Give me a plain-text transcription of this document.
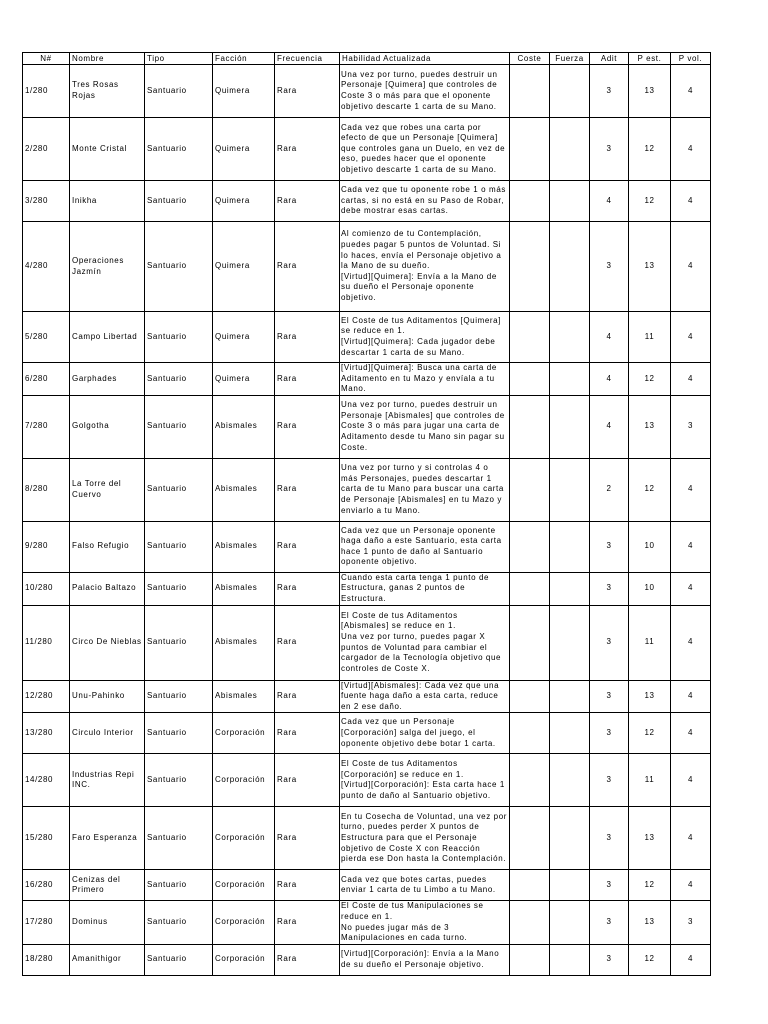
N#	Nombre	Tipo	Facción	Frecuencia	Habilidad Actualizada	Coste	Fuerza	Adit	P est.	P vol.
1/280	Tres Rosas Rojas	Santuario	Quimera	Rara	Una vez por turno, puedes destruir un Personaje [Quimera] que controles de Coste 3 o más para que el oponente objetivo descarte 1 carta de su Mano.			3	13	4
2/280	Monte Cristal	Santuario	Quimera	Rara	Cada vez que robes una carta por efecto de que un Personaje [Quimera] que controles gana un Duelo, en vez de eso, puedes hacer que el oponente objetivo descarte 1 carta de su Mano.			3	12	4
3/280	Inikha	Santuario	Quimera	Rara	Cada vez que tu oponente robe 1 o más cartas, si no está en su Paso de Robar, debe mostrar esas cartas.			4	12	4
4/280	Operaciones Jazmín	Santuario	Quimera	Rara	Al comienzo de tu Contemplación, puedes pagar 5 puntos de Voluntad. Si lo haces, envía el Personaje objetivo a la Mano de su dueño.
[Virtud][Quimera]: Envía a la Mano de su dueño el Personaje oponente objetivo.			3	13	4
5/280	Campo Libertad	Santuario	Quimera	Rara	El Coste de tus Aditamentos [Quimera] se reduce en 1.
[Virtud][Quimera]: Cada jugador debe descartar 1 carta de su Mano.			4	11	4
6/280	Garphades	Santuario	Quimera	Rara	[Virtud][Quimera]: Busca una carta de Aditamento en tu Mazo y envíala a tu Mano.			4	12	4
7/280	Golgotha	Santuario	Abismales	Rara	Una vez por turno, puedes destruir un Personaje [Abismales] que controles de Coste 3 o más para jugar una carta de Aditamento desde tu Mano sin pagar su Coste.			4	13	3
8/280	La Torre del Cuervo	Santuario	Abismales	Rara	Una vez por turno y si controlas 4 o más Personajes, puedes descartar 1 carta de tu Mano para buscar una carta de Personaje [Abismales] en tu Mazo y enviarlo a tu Mano.			2	12	4
9/280	Falso Refugio	Santuario	Abismales	Rara	Cada vez que un Personaje oponente haga daño a este Santuario, esta carta hace 1 punto de daño al Santuario oponente objetivo.			3	10	4
10/280	Palacio Baltazo	Santuario	Abismales	Rara	Cuando esta carta tenga 1 punto de Estructura, ganas 2 puntos de Estructura.			3	10	4
11/280	Circo De Nieblas	Santuario	Abismales	Rara	El Coste de tus Aditamentos [Abismales] se reduce en 1.
Una vez por turno, puedes pagar X puntos de Voluntad para cambiar el cargador de la Tecnología objetivo que controles de Coste X.			3	11	4
12/280	Unu-Pahinko	Santuario	Abismales	Rara	[Virtud][Abismales]: Cada vez que una fuente haga daño a esta carta, reduce en 2 ese daño.			3	13	4
13/280	Circulo Interior	Santuario	Corporación	Rara	Cada vez que un Personaje [Corporación] salga del juego, el oponente objetivo debe botar 1 carta.			3	12	4
14/280	Industrias Repi INC.	Santuario	Corporación	Rara	El Coste de tus Aditamentos [Corporación] se reduce en 1.
[Virtud][Corporación]: Esta carta hace 1 punto de daño al Santuario objetivo.			3	11	4
15/280	Faro Esperanza	Santuario	Corporación	Rara	En tu Cosecha de Voluntad, una vez por turno, puedes perder X puntos de Estructura para que el Personaje objetivo de Coste X con Reacción pierda ese Don hasta la Contemplación.			3	13	4
16/280	Cenizas del Primero	Santuario	Corporación	Rara	Cada vez que botes cartas, puedes enviar 1 carta de tu Limbo a tu Mano.			3	12	4
17/280	Dominus	Santuario	Corporación	Rara	El Coste de tus Manipulaciones se reduce en 1.
No puedes jugar más de 3 Manipulaciones en cada turno.			3	13	3
18/280	Amanithigor	Santuario	Corporación	Rara	[Virtud][Corporación]: Envía a la Mano de su dueño el Personaje objetivo.			3	12	4
